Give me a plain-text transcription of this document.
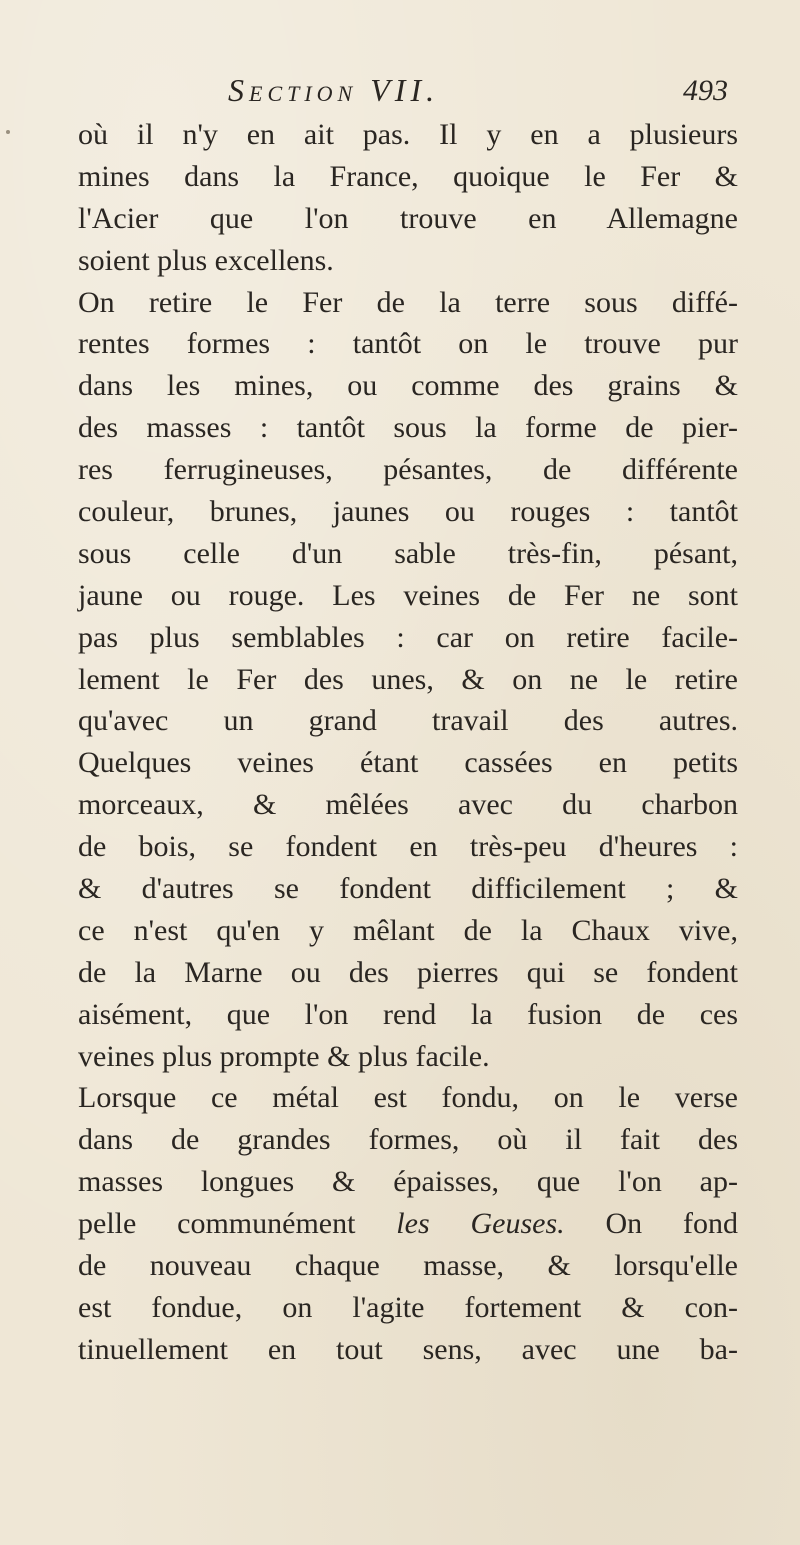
Section VII.	493
où il n'y en ait pas. Il y en a plusieurs
mines dans la France, quoique le Fer &
l'Acier que l'on trouve en Allemagne
soient plus excellens.
On retire le Fer de la terre sous diffé-
rentes formes : tantôt on le trouve pur
dans les mines, ou comme des grains &
des masses : tantôt sous la forme de pier-
res ferrugineuses, pésantes, de différente
couleur, brunes, jaunes ou rouges : tantôt
sous celle d'un sable très-fin, pésant,
jaune ou rouge. Les veines de Fer ne sont
pas plus semblables : car on retire facile-
lement le Fer des unes, & on ne le retire
qu'avec un grand travail des autres.
Quelques veines étant cassées en petits
morceaux, & mêlées avec du charbon
de bois, se fondent en très-peu d'heures :
& d'autres se fondent difficilement ; &
ce n'est qu'en y mêlant de la Chaux vive,
de la Marne ou des pierres qui se fondent
aisément, que l'on rend la fusion de ces
veines plus prompte & plus facile.
Lorsque ce métal est fondu, on le verse
dans de grandes formes, où il fait des
masses longues & épaisses, que l'on ap-
pelle communément les Geuses. On fond
de nouveau chaque masse, & lorsqu'elle
est fondue, on l'agite fortement & con-
tinuellement en tout sens, avec une ba-
